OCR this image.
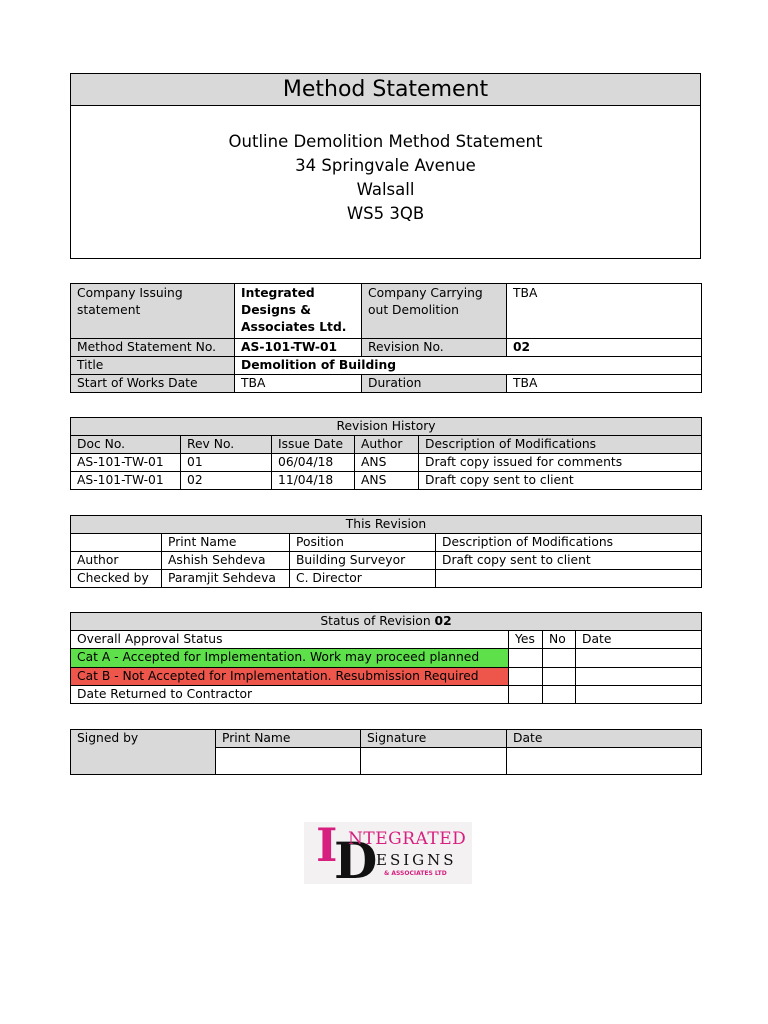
Method Statement
Outline Demolition Method Statement
34 Springvale Avenue
Walsall
WS5 3QB
Company Issuing statement	Integrated Designs & Associates Ltd.	Company Carrying out Demolition	TBA
Method Statement No.	AS-101-TW-01	Revision No.	02
Title	Demolition of Building		
Start of Works Date	TBA	Duration	TBA
Revision History				
Doc No.	Rev No.	Issue Date	Author	Description of Modifications
AS-101-TW-01	01	06/04/18	ANS	Draft copy issued for comments
AS-101-TW-01	02	11/04/18	ANS	Draft copy sent to client
This Revision			
	Print Name	Position	Description of Modifications
Author	Ashish Sehdeva	Building Surveyor	Draft copy sent to client
Checked by	Paramjit Sehdeva	C. Director	
Status of Revision 02			
Overall Approval Status	Yes	No	Date
Cat A - Accepted for Implementation. Work may proceed planned			
Cat B - Not Accepted for Implementation. Resubmission Required			
Date Returned to Contractor			
Signed by	Print Name	Signature	Date

I
D
NTEGRATED
ESIGNS
& ASSOCIATES LTD
